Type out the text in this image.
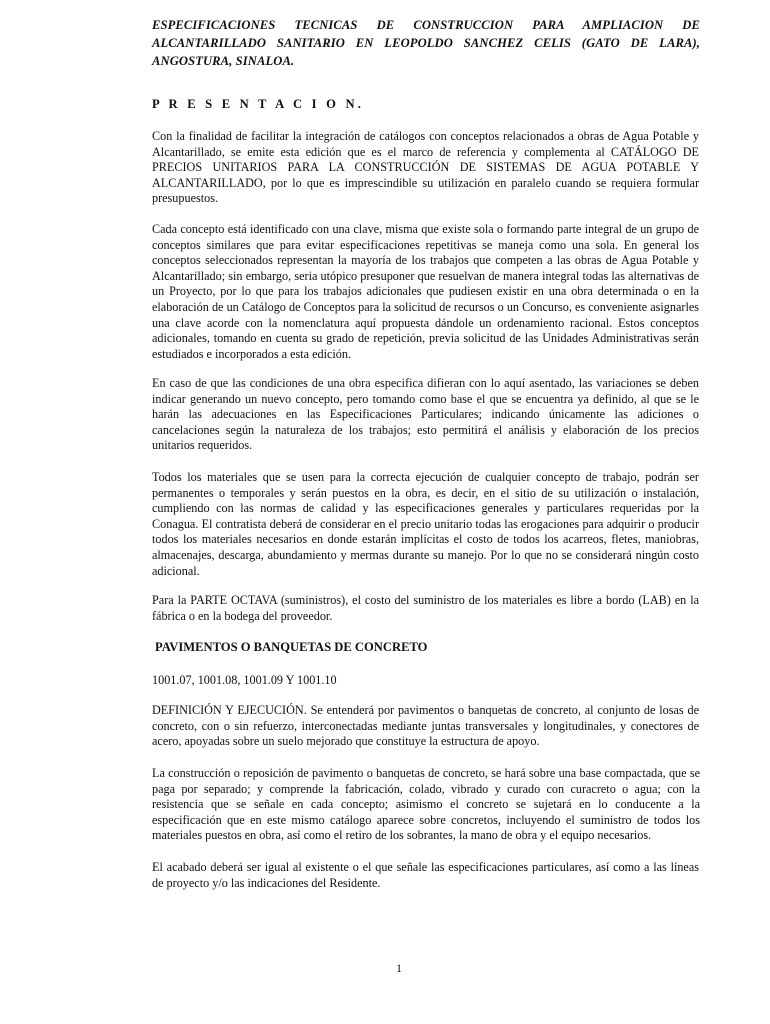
ESPECIFICACIONES TECNICAS DE CONSTRUCCION PARA AMPLIACION DE ALCANTARILLADO SANITARIO EN LEOPOLDO SANCHEZ CELIS (GATO DE LARA), ANGOSTURA, SINALOA.

P R E S E N T A C I O N.

Con la finalidad de facilitar la integración de catálogos con conceptos relacionados a obras de Agua Potable y Alcantarillado, se emite esta edición que es el marco de referencia y complementa al CATÁLOGO DE PRECIOS UNITARIOS PARA LA CONSTRUCCIÓN DE SISTEMAS DE AGUA POTABLE Y ALCANTARILLADO, por lo que es imprescindible su utilización en paralelo cuando se requiera formular presupuestos.

Cada concepto está identificado con una clave, misma que existe sola o formando parte integral de un grupo de conceptos similares que para evitar especificaciones repetitivas se maneja como una sola. En general los conceptos seleccionados representan la mayoría de los trabajos que competen a las obras de Agua Potable y Alcantarillado; sin embargo, seria utópico presuponer que resuelvan de manera integral todas las alternativas de un Proyecto, por lo que para los trabajos adicionales que pudiesen existir en una obra determinada o en la elaboración de un Catálogo de Conceptos para la solicitud de recursos o un Concurso, es conveniente asignarles una clave acorde con la nomenclatura aquí propuesta dándole un ordenamiento racional. Estos conceptos adicionales, tomando en cuenta su grado de repetición, previa solicitud de las Unidades Administrativas serán estudiados e incorporados a esta edición.

En caso de que las condiciones de una obra especifica difieran con lo aquí asentado, las variaciones se deben indicar generando un nuevo concepto, pero tomando como base el que se encuentra ya definido, al que se le harán las adecuaciones en las Especificaciones Particulares; indicando únicamente las adiciones o cancelaciones según la naturaleza de los trabajos; esto permitirá el análisis y elaboración de los precios unitarios requeridos.

Todos los materiales que se usen para la correcta ejecución de cualquier concepto de trabajo, podrán ser permanentes o temporales y serán puestos en la obra, es decir, en el sitio de su utilización o instalación, cumpliendo con las normas de calidad y las especificaciones generales y particulares requeridas por la Conagua. El contratista deberá de considerar en el precio unitario todas las erogaciones para adquirir o producir todos los materiales necesarios en donde estarán implícitas el costo de todos los acarreos, fletes, maniobras, almacenajes, descarga, abundamiento y mermas durante su manejo. Por lo que no se considerará ningún costo adicional.

Para la PARTE OCTAVA (suministros), el costo del suministro de los materiales es libre a bordo (LAB) en la fábrica o en la bodega del proveedor.

PAVIMENTOS O BANQUETAS DE CONCRETO

1001.07, 1001.08, 1001.09 Y 1001.10

DEFINICIÓN Y EJECUCIÓN. Se entenderá por pavimentos o banquetas de concreto, al conjunto de losas de concreto, con o sin refuerzo, interconectadas mediante juntas transversales y longitudinales, y conectores de acero, apoyadas sobre un suelo mejorado que constituye la estructura de apoyo.

La construcción o reposición de pavimento o banquetas de concreto, se hará sobre una base compactada, que se paga por separado; y comprende la fabricación, colado, vibrado y curado con curacreto o agua; con la resistencia que se señale en cada concepto; asimismo el concreto se sujetará en lo conducente a la especificación que en este mismo catálogo aparece sobre concretos, incluyendo el suministro de todos los materiales puestos en obra, así como el retiro de los sobrantes, la mano de obra y el equipo necesarios.

El acabado deberá ser igual al existente o el que señale las especificaciones particulares, así como a las líneas de proyecto y/o las indicaciones del Residente.

1
